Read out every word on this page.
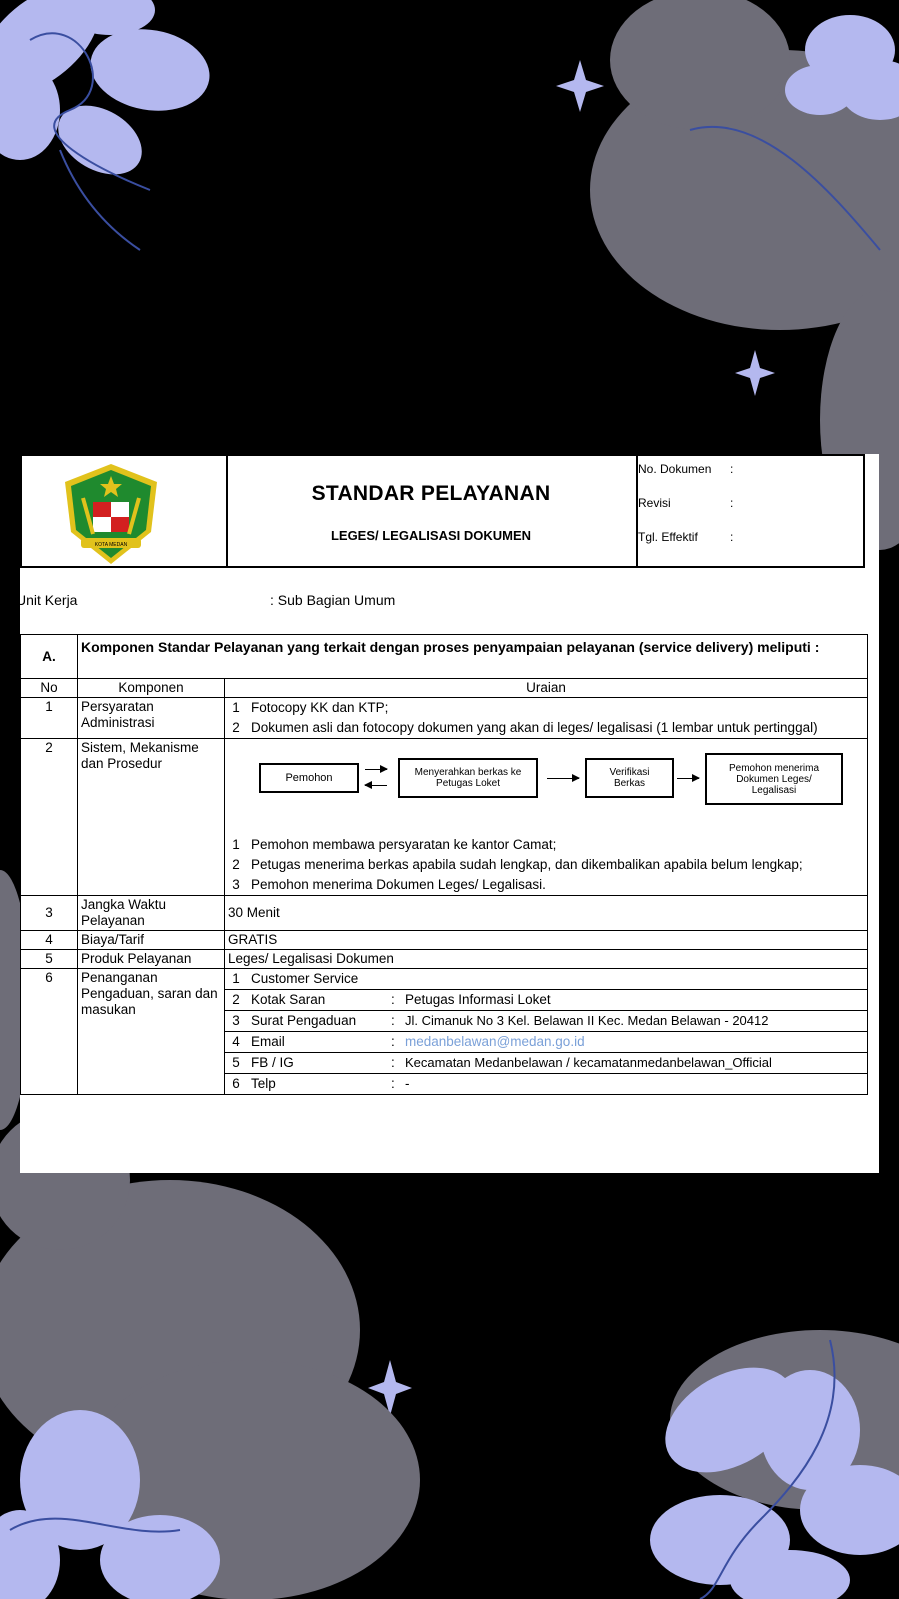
KOTA MEDAN
STANDAR PELAYANAN
LEGES/ LEGALISASI DOKUMEN
No. Dokumen :
Revisi	:
Tgl. Effektif	:
Unit Kerja	: Sub Bagian Umum
A.	Komponen Standar Pelayanan yang terkait dengan proses penyampaian pelayanan (service delivery) meliputi :
No	Komponen	Uraian
1	Persyaratan Administrasi	
1	Fotocopy KK dan KTP;
2	Dokumen asli dan fotocopy dokumen yang akan di leges/ legalisasi (1 lembar untuk pertinggal)

2	Sistem, Mekanisme dan Prosedur	
Pemohon	Menyerahkan berkas ke Petugas Loket
Verifikasi Berkas
Pemohon menerima Dokumen Leges/ Legalisasi
1	Pemohon membawa persyaratan ke kantor Camat;
2	Petugas menerima berkas apabila sudah lengkap, dan dikembalikan apabila belum lengkap;
3	Pemohon menerima Dokumen Leges/ Legalisasi.

3	Jangka Waktu Pelayanan	30 Menit
4	Biaya/Tarif	GRATIS
5	Produk Pelayanan	Leges/ Legalisasi Dokumen
6	Penanganan Pengaduan, saran dan masukan	
1	Customer Service		
2	Kotak Saran	:	Petugas Informasi Loket
3	Surat Pengaduan	:	Jl. Cimanuk No 3 Kel. Belawan II Kec. Medan Belawan - 20412
4	Email	:	medanbelawan@medan.go.id
5	FB / IG	:	Kecamatan Medanbelawan / kecamatanmedanbelawan_Official
6	Telp	:	-
